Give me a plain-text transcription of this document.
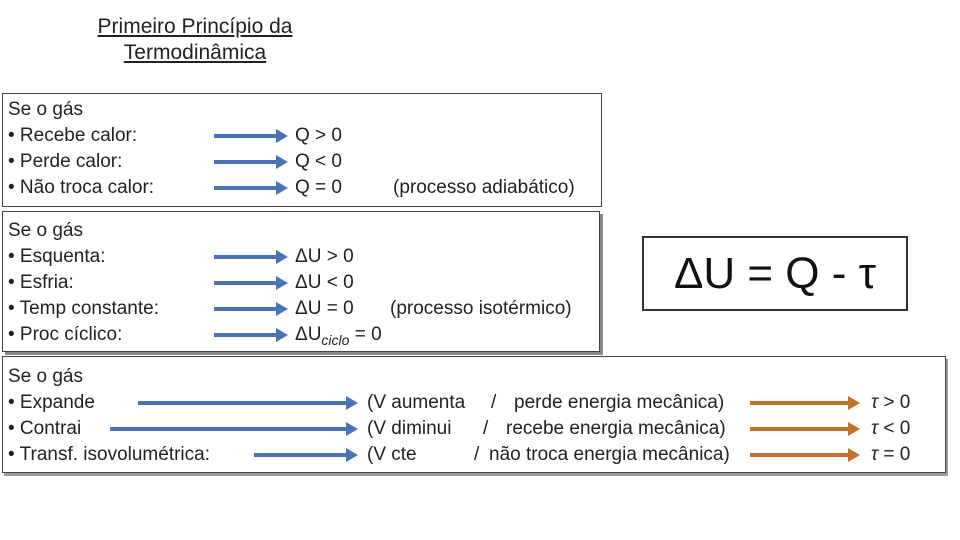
Primeiro Princípio da
Termodinâmica
Se o gás
• Recebe calor:
• Perde calor:
• Não troca calor:
Q > 0
Q < 0
Q = 0	(processo adiabático)
Se o gás
• Esquenta:
• Esfria:
• Temp constante:
• Proc cíclico:
ΔU > 0
ΔU < 0
ΔU = 0 (processo isotérmico)
$\Delta U_{ciclo} = 0$
ΔU = Q - τ
Se o gás
• Expande
• Contrai
• Transf. isovolumétrica:
(V aumenta / perde energia mecânica)
(V diminui / recebe energia mecânica)
(V cte	/ não troca energia mecânica)
τ > 0
τ < 0
τ = 0
